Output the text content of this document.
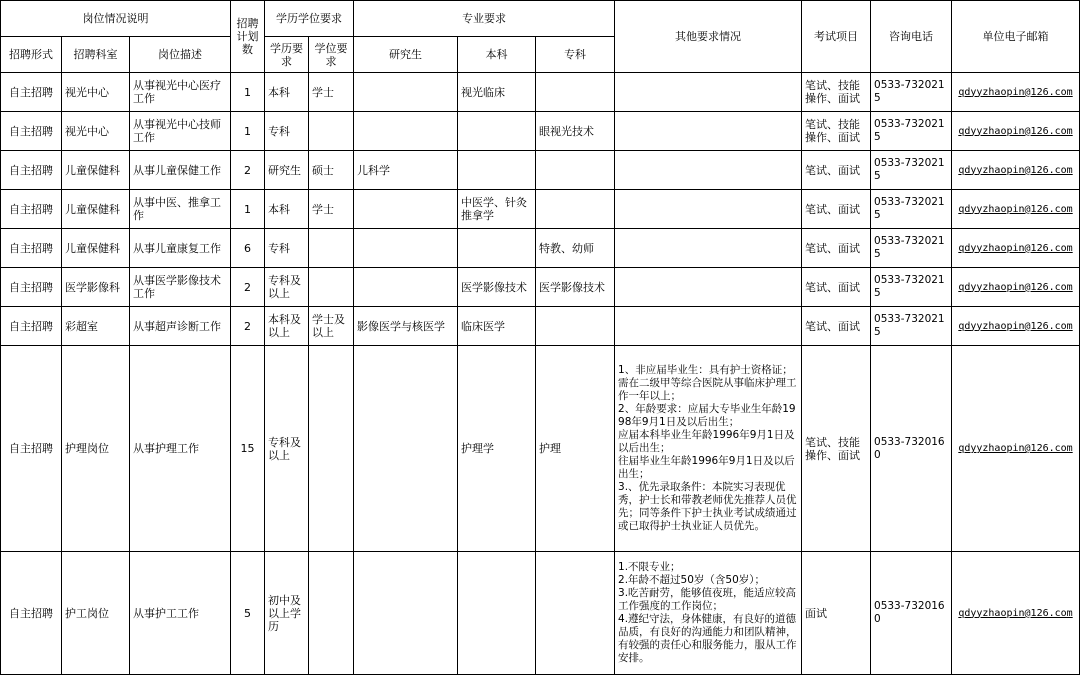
岗位情况说明			招聘计划数	学历学位要求		专业要求			其他要求情况	考试项目	咨询电话	单位电子邮箱
招聘形式	招聘科室	岗位描述		学历要求	学位要求	研究生	本科	专科				
自主招聘	视光中心	从事视光中心医疗工作	1	本科	学士		视光临床			笔试、技能操作、面试	0533-7320215	qdyyzhaopin@126.com
自主招聘	视光中心	从事视光中心技师工作	1	专科				眼视光技术		笔试、技能操作、面试	0533-7320215	qdyyzhaopin@126.com
自主招聘	儿童保健科	从事儿童保健工作	2	研究生	硕士	儿科学				笔试、面试	0533-7320215	qdyyzhaopin@126.com
自主招聘	儿童保健科	从事中医、推拿工作	1	本科	学士		中医学、针灸推拿学			笔试、面试	0533-7320215	qdyyzhaopin@126.com
自主招聘	儿童保健科	从事儿童康复工作	6	专科				特教、幼师		笔试、面试	0533-7320215	qdyyzhaopin@126.com
自主招聘	医学影像科	从事医学影像技术工作	2	专科及以上			医学影像技术	医学影像技术		笔试、面试	0533-7320215	qdyyzhaopin@126.com
自主招聘	彩超室	从事超声诊断工作	2	本科及以上	学士及以上	影像医学与核医学	临床医学			笔试、面试	0533-7320215	qdyyzhaopin@126.com
自主招聘	护理岗位	从事护理工作	15	专科及以上			护理学	护理	1、非应届毕业生：具有护士资格证；需在二级甲等综合医院从事临床护理工作一年以上；
2、年龄要求：应届大专毕业生年龄1998年9月1日及以后出生；
应届本科毕业生年龄1996年9月1日及以后出生；
往届毕业生年龄1996年9月1日及以后出生；
3.、优先录取条件：本院实习表现优秀，护士长和带教老师优先推荐人员优先；同等条件下护士执业考试成绩通过或已取得护士执业证人员优先。	笔试、技能操作、面试	0533-7320160	qdyyzhaopin@126.com
自主招聘	护工岗位	从事护工工作	5	初中及以上学历					1.不限专业；
2.年龄不超过50岁（含50岁）；
3.吃苦耐劳，能够值夜班，能适应较高工作强度的工作岗位；
4.遵纪守法，身体健康，有良好的道德品质，有良好的沟通能力和团队精神，有较强的责任心和服务能力，服从工作安排。	面试	0533-7320160	qdyyzhaopin@126.com
